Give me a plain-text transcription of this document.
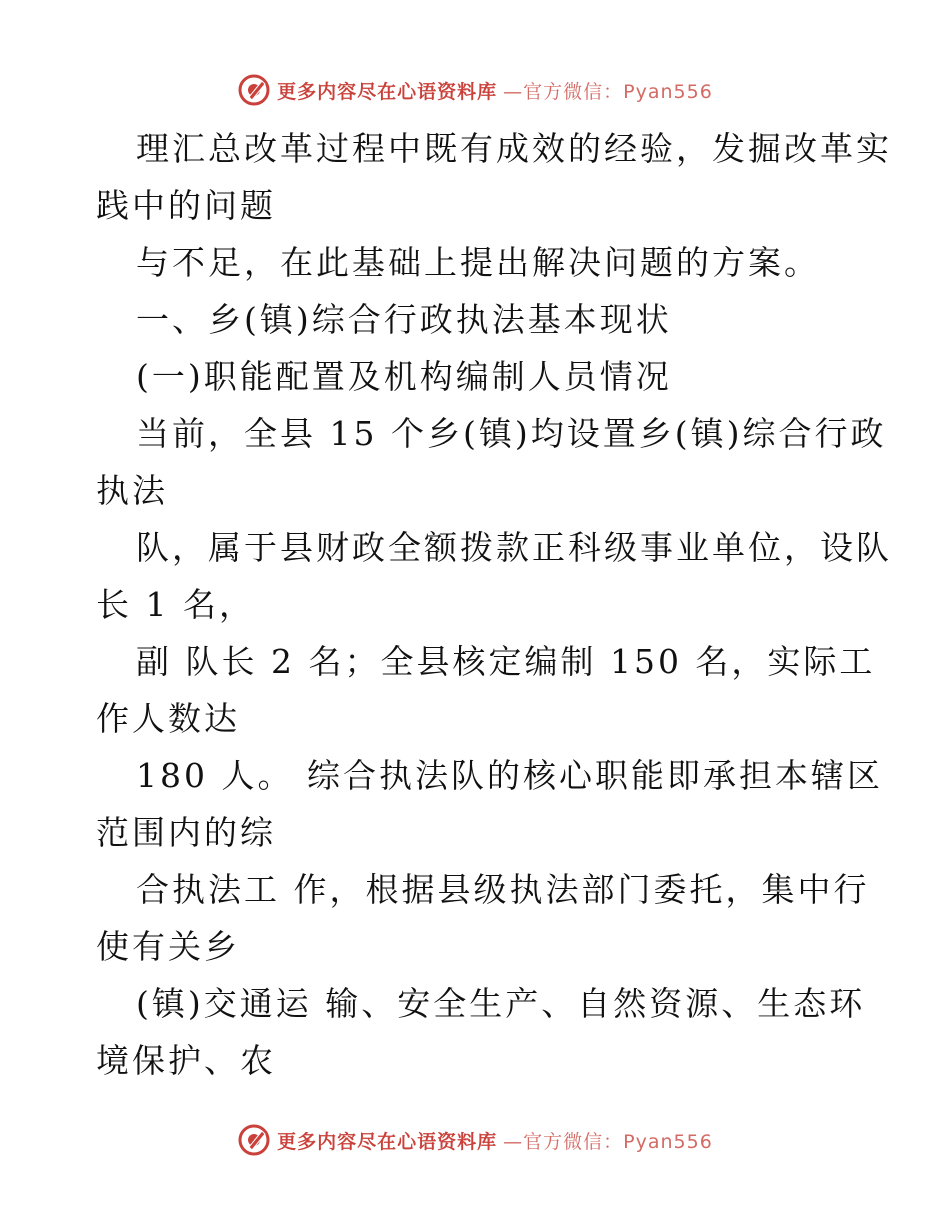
更多内容尽在心语资料库 —官方微信：Pyan556
理汇总改革过程中既有成效的经验，发掘改革实
践中的问题
与不足，在此基础上提出解决问题的方案。
一、乡(镇)综合行政执法基本现状
(一)职能配置及机构编制人员情况
当前，全县 15 个乡(镇)均设置乡(镇)综合行政
执法
队，属于县财政全额拨款正科级事业单位，设队
长 1 名，
副 队长 2 名；全县核定编制 150 名，实际工
作人数达
180 人。 综合执法队的核心职能即承担本辖区
范围内的综
合执法工 作，根据县级执法部门委托，集中行
使有关乡
(镇)交通运 输、安全生产、自然资源、生态环
境保护、农
更多内容尽在心语资料库 —官方微信：Pyan556
